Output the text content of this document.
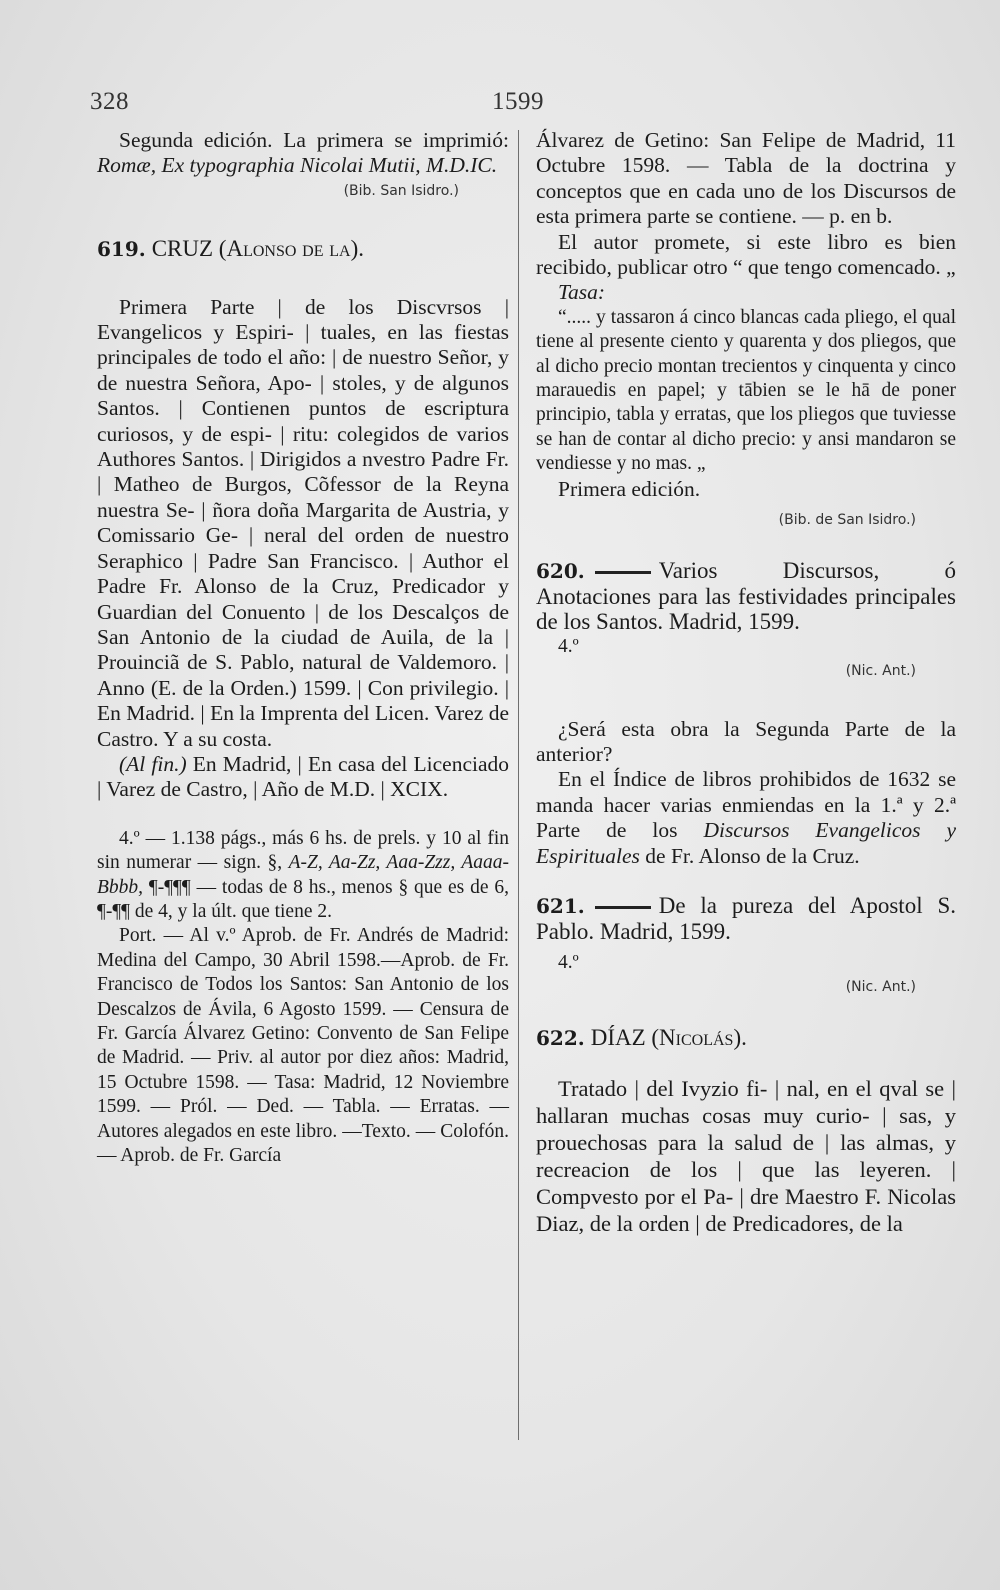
328	1599

Segunda edición. La primera se imprimió: Romæ, Ex typographia Nicolai Mutii, M.D.IC.

(Bib. San Isidro.)

619. CRUZ (Alonso de la).

Primera Parte | de los Discvrsos | Evangelicos y Espiri- | tuales, en las fiestas principales de todo el año: | de nuestro Señor, y de nuestra Señora, Apo- | stoles, y de algunos Santos. | Contienen puntos de escriptura curiosos, y de espi- | ritu: colegidos de varios Authores Santos. | Dirigidos a nvestro Padre Fr. | Matheo de Burgos, Cõfessor de la Reyna nuestra Se- | ñora doña Margarita de Austria, y Comissario Ge- | neral del orden de nuestro Seraphico | Padre San Francisco. | Author el Padre Fr. Alonso de la Cruz, Predicador y Guardian del Conuento | de los Descalços de San Antonio de la ciudad de Auila, de la | Prouinciã de S. Pablo, natural de Valdemoro. | Anno (E. de la Orden.) 1599. | Con privilegio. | En Madrid. | En la Imprenta del Licen. Varez de Castro. Y a su costa.

(Al fin.) En Madrid, | En casa del Licenciado | Varez de Castro, | Año de M.D. | XCIX.

4.º — 1.138 págs., más 6 hs. de prels. y 10 al fin sin numerar — sign. §, A-Z, Aa-Zz, Aaa-Zzz, Aaaa-Bbbb, ¶-¶¶¶ — todas de 8 hs., menos § que es de 6, ¶-¶¶ de 4, y la últ. que tiene 2.

Port. — Al v.º Aprob. de Fr. Andrés de Madrid: Medina del Campo, 30 Abril 1598.—Aprob. de Fr. Francisco de Todos los Santos: San Antonio de los Descalzos de Ávila, 6 Agosto 1599. — Censura de Fr. García Álvarez Getino: Convento de San Felipe de Madrid. — Priv. al autor por diez años: Madrid, 15 Octubre 1598. — Tasa: Madrid, 12 Noviembre 1599. — Pról. — Ded. — Tabla. — Erratas. — Autores alegados en este libro. —Texto. — Colofón. — Aprob. de Fr. García

Álvarez de Getino: San Felipe de Madrid, 11 Octubre 1598. — Tabla de la doctrina y conceptos que en cada uno de los Discursos de esta primera parte se contiene. — p. en b.

El autor promete, si este libro es bien recibido, publicar otro “ que tengo comencado. „

Tasa:

“..... y tassaron á cinco blancas cada pliego, el qual tiene al presente ciento y quarenta y dos pliegos, que al dicho precio montan trecientos y cinquenta y cinco marauedis en papel; y tābien se le hā de poner principio, tabla y erratas, que los pliegos que tuviesse se han de contar al dicho precio: y ansi mandaron se vendiesse y no mas. „

Primera edición.

(Bib. de San Isidro.)

620.	Varios Discursos, ó Anotaciones para las festividades principales de los Santos. Madrid, 1599.

4.º

(Nic. Ant.)

¿Será esta obra la Segunda Parte de la anterior?

En el Índice de libros prohibidos de 1632 se manda hacer varias enmiendas en la 1.ª y 2.ª Parte de los Discursos Evangelicos y Espirituales de Fr. Alonso de la Cruz.

621.	De la pureza del Apostol S. Pablo. Madrid, 1599.

4.º

(Nic. Ant.)

622. DÍAZ (Nicolás).

Tratado | del Ivyzio fi- | nal, en el qval se | hallaran muchas cosas muy curio- | sas, y prouechosas para la salud de | las almas, y recreacion de los | que las leyeren. | Compvesto por el Pa- | dre Maestro F. Nicolas Diaz, de la orden | de Predicadores, de la
